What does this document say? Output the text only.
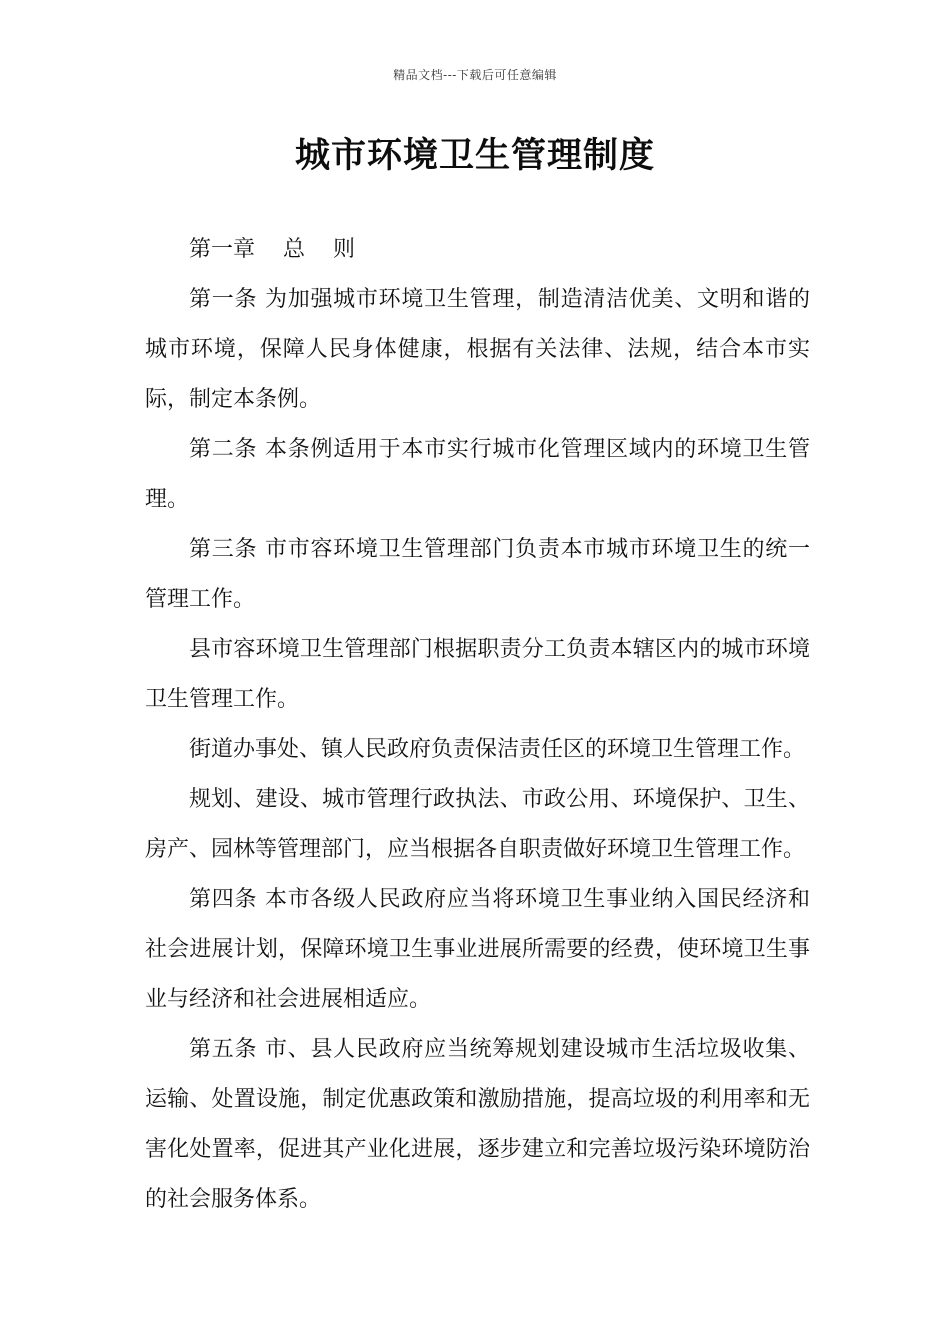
精品文档---下载后可任意编辑
城市环境卫生管理制度

第一章    总    则

第一条 为加强城市环境卫生管理，制造清洁优美、文明和谐的城市环境，保障人民身体健康，根据有关法律、法规，结合本市实际，制定本条例。

第二条 本条例适用于本市实行城市化管理区域内的环境卫生管理。

第三条 市市容环境卫生管理部门负责本市城市环境卫生的统一管理工作。

县市容环境卫生管理部门根据职责分工负责本辖区内的城市环境卫生管理工作。

街道办事处、镇人民政府负责保洁责任区的环境卫生管理工作。

规划、建设、城市管理行政执法、市政公用、环境保护、卫生、房产、园林等管理部门，应当根据各自职责做好环境卫生管理工作。

第四条 本市各级人民政府应当将环境卫生事业纳入国民经济和社会进展计划，保障环境卫生事业进展所需要的经费，使环境卫生事业与经济和社会进展相适应。

第五条 市、县人民政府应当统筹规划建设城市生活垃圾收集、运输、处置设施，制定优惠政策和激励措施，提高垃圾的利用率和无害化处置率，促进其产业化进展，逐步建立和完善垃圾污染环境防治的社会服务体系。
